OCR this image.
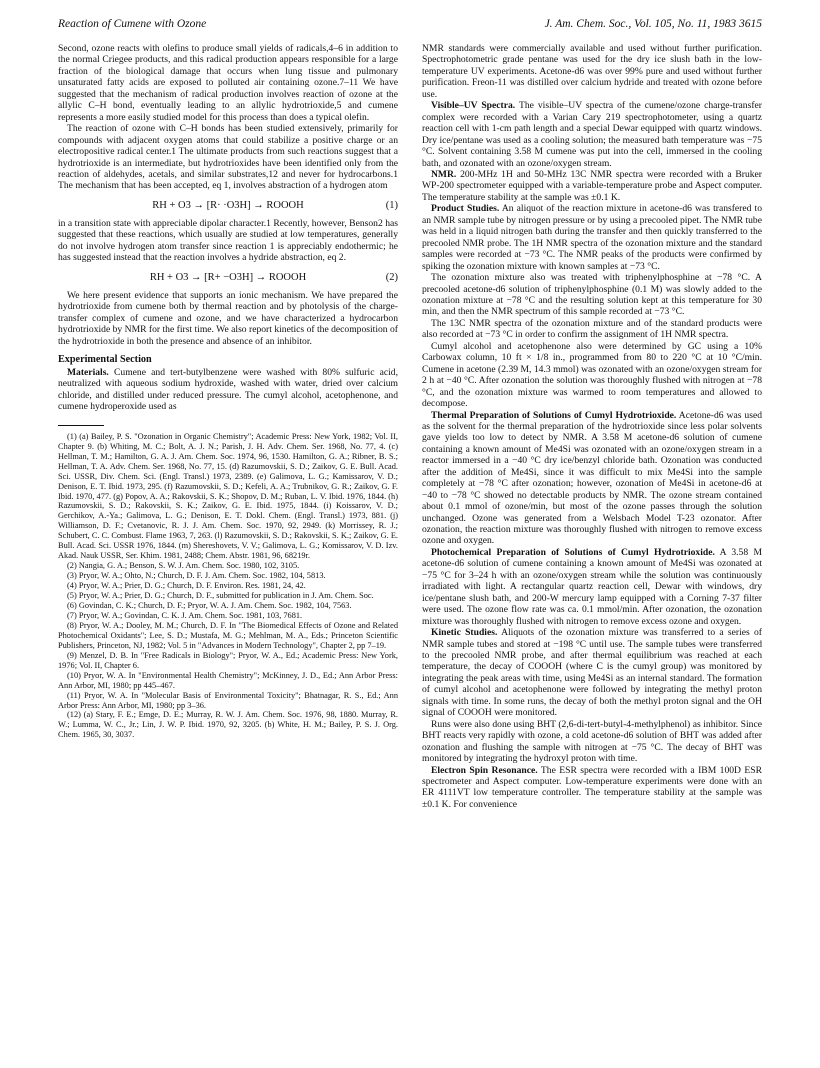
Reaction of Cumene with Ozone	J. Am. Chem. Soc., Vol. 105, No. 11, 1983 3615

Second, ozone reacts with olefins to produce small yields of radicals,4–6 in addition to the normal Criegee products, and this radical production appears responsible for a large fraction of the biological damage that occurs when lung tissue and pulmonary unsaturated fatty acids are exposed to polluted air containing ozone.7–11 We have suggested that the mechanism of radical production involves reaction of ozone at the allylic C–H bond, eventually leading to an allylic hydrotrioxide,5 and cumene represents a more easily studied model for this process than does a typical olefin.

The reaction of ozone with C–H bonds has been studied extensively, primarily for compounds with adjacent oxygen atoms that could stabilize a positive charge or an electropositive radical center.1 The ultimate products from such reactions suggest that a hydrotrioxide is an intermediate, but hydrotrioxides have been identified only from the reaction of aldehydes, acetals, and similar substrates,12 and never for hydrocarbons.1 The mechanism that has been accepted, eq 1, involves abstraction of a hydrogen atom

RH + O3 → [R· ·O3H] → ROOOH	(1)

in a transition state with appreciable dipolar character.1 Recently, however, Benson2 has suggested that these reactions, which usually are studied at low temperatures, generally do not involve hydrogen atom transfer since reaction 1 is appreciably endothermic; he has suggested instead that the reaction involves a hydride abstraction, eq 2.

RH + O3 → [R+ −O3H] → ROOOH	(2)

We here present evidence that supports an ionic mechanism. We have prepared the hydrotrioxide from cumene both by thermal reaction and by photolysis of the charge-transfer complex of cumene and ozone, and we have characterized a hydrocarbon hydrotrioxide by NMR for the first time. We also report kinetics of the decomposition of the hydrotrioxide in both the presence and absence of an inhibitor.

Experimental Section

Materials. Cumene and tert-butylbenzene were washed with 80% sulfuric acid, neutralized with aqueous sodium hydroxide, washed with water, dried over calcium chloride, and distilled under reduced pressure. The cumyl alcohol, acetophenone, and cumene hydroperoxide used as

(1) (a) Bailey, P. S. "Ozonation in Organic Chemistry"; Academic Press: New York, 1982; Vol. II, Chapter 9. (b) Whiting, M. C.; Bolt, A. J. N.; Parish, J. H. Adv. Chem. Ser. 1968, No. 77, 4. (c) Hellman, T. M.; Hamilton, G. A. J. Am. Chem. Soc. 1974, 96, 1530. Hamilton, G. A.; Ribner, B. S.; Hellman, T. A. Adv. Chem. Ser. 1968, No. 77, 15. (d) Razumovskii, S. D.; Zaikov, G. E. Bull. Acad. Sci. USSR, Div. Chem. Sci. (Engl. Transl.) 1973, 2389. (e) Galimova, L. G.; Kamissarov, V. D.; Denison, E. T. Ibid. 1973, 295. (f) Razumovskii, S. D.; Kefeli, A. A.; Trubnikov, G. R.; Zaikov, G. F. Ibid. 1970, 477. (g) Popov, A. A.; Rakovskii, S. K.; Shopov, D. M.; Ruban, L. V. Ibid. 1976, 1844. (h) Razumovskii, S. D.; Rakovskii, S. K.; Zaikov, G. E. Ibid. 1975, 1844. (i) Koissarov, V. D.; Gerchikov, A.-Ya.; Galimova, L. G.; Denison, E. T. Dokl. Chem. (Engl. Transl.) 1973, 881. (j) Williamson, D. F.; Cvetanovic, R. J. J. Am. Chem. Soc. 1970, 92, 2949. (k) Morrissey, R. J.; Schubert, C. C. Combust. Flame 1963, 7, 263. (l) Razumovskii, S. D.; Rakovskii, S. K.; Zaikov, G. E. Bull. Acad. Sci. USSR 1976, 1844. (m) Shereshovets, V. V.; Galimova, L. G.; Komissarov, V. D. Izv. Akad. Nauk USSR, Ser. Khim. 1981, 2488; Chem. Abstr. 1981, 96, 68219r.

(2) Nangia, G. A.; Benson, S. W. J. Am. Chem. Soc. 1980, 102, 3105.

(3) Pryor, W. A.; Ohto, N.; Church, D. F. J. Am. Chem. Soc. 1982, 104, 5813.

(4) Pryor, W. A.; Prier, D. G.; Church, D. F. Environ. Res. 1981, 24, 42.

(5) Pryor, W. A.; Prier, D. G.; Church, D. F., submitted for publication in J. Am. Chem. Soc.

(6) Govindan, C. K.; Church, D. F.; Pryor, W. A. J. Am. Chem. Soc. 1982, 104, 7563.

(7) Pryor, W. A.; Govindan, C. K. J. Am. Chem. Soc. 1981, 103, 7681.

(8) Pryor, W. A.; Dooley, M. M.; Church, D. F. In "The Biomedical Effects of Ozone and Related Photochemical Oxidants"; Lee, S. D.; Mustafa, M. G.; Mehlman, M. A., Eds.; Princeton Scientific Publishers, Princeton, NJ, 1982; Vol. 5 in "Advances in Modern Technology", Chapter 2, pp 7–19.

(9) Menzel, D. B. In "Free Radicals in Biology"; Pryor, W. A., Ed.; Academic Press: New York, 1976; Vol. II, Chapter 6.

(10) Pryor, W. A. In "Environmental Health Chemistry"; McKinney, J. D., Ed.; Ann Arbor Press: Ann Arbor, MI, 1980; pp 445–467.

(11) Pryor, W. A. In "Molecular Basis of Environmental Toxicity"; Bhatnagar, R. S., Ed.; Ann Arbor Press: Ann Arbor, MI, 1980; pp 3–36.

(12) (a) Stary, F. E.; Emge, D. E.; Murray, R. W. J. Am. Chem. Soc. 1976, 98, 1880. Murray, R. W.; Lumma, W. C., Jr.; Lin, J. W. P. Ibid. 1970, 92, 3205. (b) White, H. M.; Bailey, P. S. J. Org. Chem. 1965, 30, 3037.

NMR standards were commercially available and used without further purification. Spectrophotometric grade pentane was used for the dry ice slush bath in the low-temperature UV experiments. Acetone-d6 was over 99% pure and used without further purification. Freon-11 was distilled over calcium hydride and treated with ozone before use.

Visible–UV Spectra. The visible–UV spectra of the cumene/ozone charge-transfer complex were recorded with a Varian Cary 219 spectrophotometer, using a quartz reaction cell with 1-cm path length and a special Dewar equipped with quartz windows. Dry ice/pentane was used as a cooling solution; the measured bath temperature was −75 °C. Solvent containing 3.58 M cumene was put into the cell, immersed in the cooling bath, and ozonated with an ozone/oxygen stream.

NMR. 200-MHz 1H and 50-MHz 13C NMR spectra were recorded with a Bruker WP-200 spectrometer equipped with a variable-temperature probe and Aspect computer. The temperature stability at the sample was ±0.1 K.

Product Studies. An aliquot of the reaction mixture in acetone-d6 was transfered to an NMR sample tube by nitrogen pressure or by using a precooled pipet. The NMR tube was held in a liquid nitrogen bath during the transfer and then quickly transferred to the precooled NMR probe. The 1H NMR spectra of the ozonation mixture and the standard samples were recorded at −73 °C. The NMR peaks of the products were confirmed by spiking the ozonation mixture with known samples at −73 °C.

The ozonation mixture also was treated with triphenylphosphine at −78 °C. A precooled acetone-d6 solution of triphenylphosphine (0.1 M) was slowly added to the ozonation mixture at −78 °C and the resulting solution kept at this temperature for 30 min, and then the NMR spectrum of this sample recorded at −73 °C.

The 13C NMR spectra of the ozonation mixture and of the standard products were also recorded at −73 °C in order to confirm the assignment of 1H NMR spectra.

Cumyl alcohol and acetophenone also were determined by GC using a 10% Carbowax column, 10 ft × 1/8 in., programmed from 80 to 220 °C at 10 °C/min. Cumene in acetone (2.39 M, 14.3 mmol) was ozonated with an ozone/oxygen stream for 2 h at −40 °C. After ozonation the solution was thoroughly flushed with nitrogen at −78 °C, and the ozonation mixture was warmed to room temperatures and allowed to decompose.

Thermal Preparation of Solutions of Cumyl Hydrotrioxide. Acetone-d6 was used as the solvent for the thermal preparation of the hydrotrioxide since less polar solvents gave yields too low to detect by NMR. A 3.58 M acetone-d6 solution of cumene containing a known amount of Me4Si was ozonated with an ozone/oxygen stream in a reactor immersed in a −40 °C dry ice/benzyl chloride bath. Ozonation was conducted after the addition of Me4Si, since it was difficult to mix Me4Si into the sample completely at −78 °C after ozonation; however, ozonation of Me4Si in acetone-d6 at −40 to −78 °C showed no detectable products by NMR. The ozone stream contained about 0.1 mmol of ozone/min, but most of the ozone passes through the solution unchanged. Ozone was generated from a Welsbach Model T-23 ozonator. After ozonation, the reaction mixture was thoroughly flushed with nitrogen to remove excess ozone and oxygen.

Photochemical Preparation of Solutions of Cumyl Hydrotrioxide. A 3.58 M acetone-d6 solution of cumene containing a known amount of Me4Si was ozonated at −75 °C for 3–24 h with an ozone/oxygen stream while the solution was continuously irradiated with light. A rectangular quartz reaction cell, Dewar with windows, dry ice/pentane slush bath, and 200-W mercury lamp equipped with a Corning 7-37 filter were used. The ozone flow rate was ca. 0.1 mmol/min. After ozonation, the ozonation mixture was thoroughly flushed with nitrogen to remove excess ozone and oxygen.

Kinetic Studies. Aliquots of the ozonation mixture was transferred to a series of NMR sample tubes and stored at −198 °C until use. The sample tubes were transferred to the precooled NMR probe, and after thermal equilibrium was reached at each temperature, the decay of COOOH (where C is the cumyl group) was monitored by integrating the peak areas with time, using Me4Si as an internal standard. The formation of cumyl alcohol and acetophenone were followed by integrating the methyl proton signals with time. In some runs, the decay of both the methyl proton signal and the OH signal of COOOH were monitored.

Runs were also done using BHT (2,6-di-tert-butyl-4-methylphenol) as inhibitor. Since BHT reacts very rapidly with ozone, a cold acetone-d6 solution of BHT was added after ozonation and flushing the sample with nitrogen at −75 °C. The decay of BHT was monitored by integrating the hydroxyl proton with time.

Electron Spin Resonance. The ESR spectra were recorded with a IBM 100D ESR spectrometer and Aspect computer. Low-temperature experiments were done with an ER 4111VT low temperature controller. The temperature stability at the sample was ±0.1 K. For convenience
